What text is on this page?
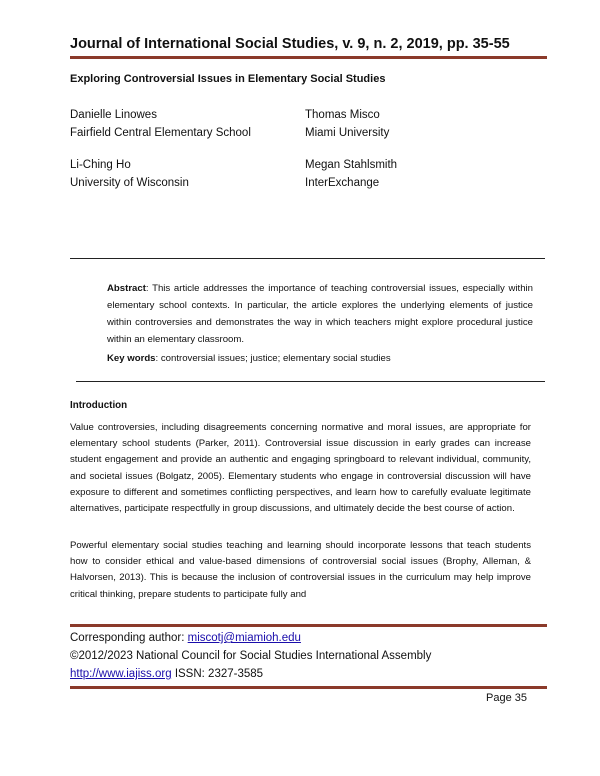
Journal of International Social Studies, v. 9, n. 2, 2019, pp. 35-55
Exploring Controversial Issues in Elementary Social Studies
Danielle Linowes
Fairfield Central Elementary School
Thomas Misco
Miami University
Li-Ching Ho
University of Wisconsin
Megan Stahlsmith
InterExchange
Abstract: This article addresses the importance of teaching controversial issues, especially within elementary school contexts. In particular, the article explores the underlying elements of justice within controversies and demonstrates the way in which teachers might explore procedural justice within an elementary classroom.
Key words: controversial issues; justice; elementary social studies
Introduction
Value controversies, including disagreements concerning normative and moral issues, are appropriate for elementary school students (Parker, 2011). Controversial issue discussion in early grades can increase student engagement and provide an authentic and engaging springboard to relevant individual, community, and societal issues (Bolgatz, 2005). Elementary students who engage in controversial discussion will have exposure to different and sometimes conflicting perspectives, and learn how to carefully evaluate legitimate alternatives, participate respectfully in group discussions, and ultimately decide the best course of action.
Powerful elementary social studies teaching and learning should incorporate lessons that teach students how to consider ethical and value-based dimensions of controversial social issues (Brophy, Alleman, & Halvorsen, 2013). This is because the inclusion of controversial issues in the curriculum may help improve critical thinking, prepare students to participate fully and
Corresponding author: miscotj@miamioh.edu
©2012/2023 National Council for Social Studies International Assembly
http://www.iajiss.org ISSN: 2327-3585
Page 35
